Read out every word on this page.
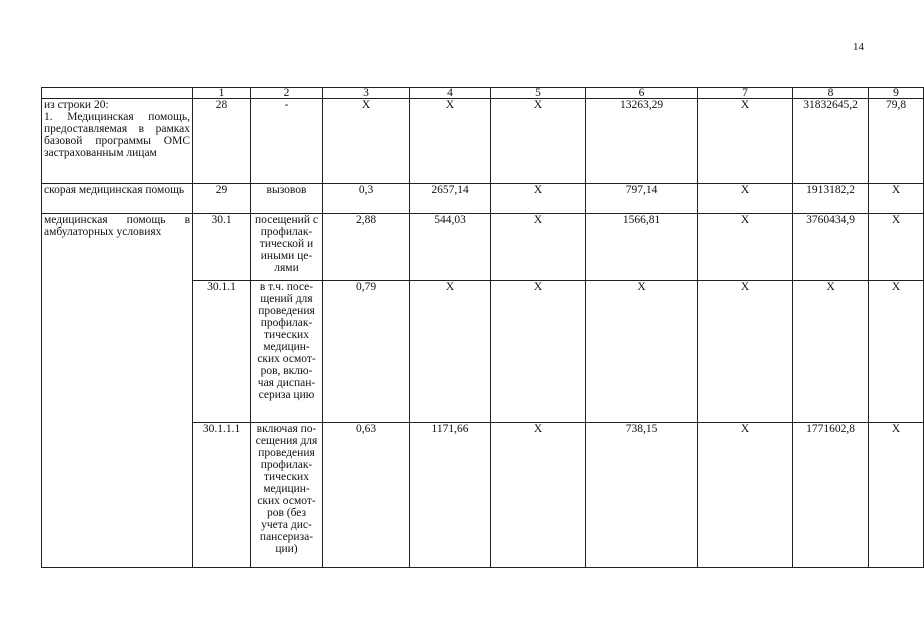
14
	1	2	3	4	5	6	7	8	9
из строки 20:
1. Медицинская помощь, предоставляемая в рамках базовой программы ОМС застрахованным лицам	28	-	Х	Х	Х	13263,29	Х	31832645,2	79,8
скорая медицинская помощь	29	вызовов	0,3	2657,14	Х	797,14	Х	1913182,2	Х
медицинская помощь в амбулаторных условиях	30.1	посещений с профилак-тической и иными це-лями	2,88	544,03	Х	1566,81	Х	3760434,9	Х
	30.1.1	в т.ч. посе-щений для проведения профилак-тических медицин-ских осмот-ров, вклю-чая диспан-сериза цию	0,79	Х	Х	Х	Х	Х	Х
	30.1.1.1	включая по-сещения для проведения профилак-тических медицин-ских осмот-ров (без учета дис-пансериза-ции)	0,63	1171,66	Х	738,15	Х	1771602,8	Х
